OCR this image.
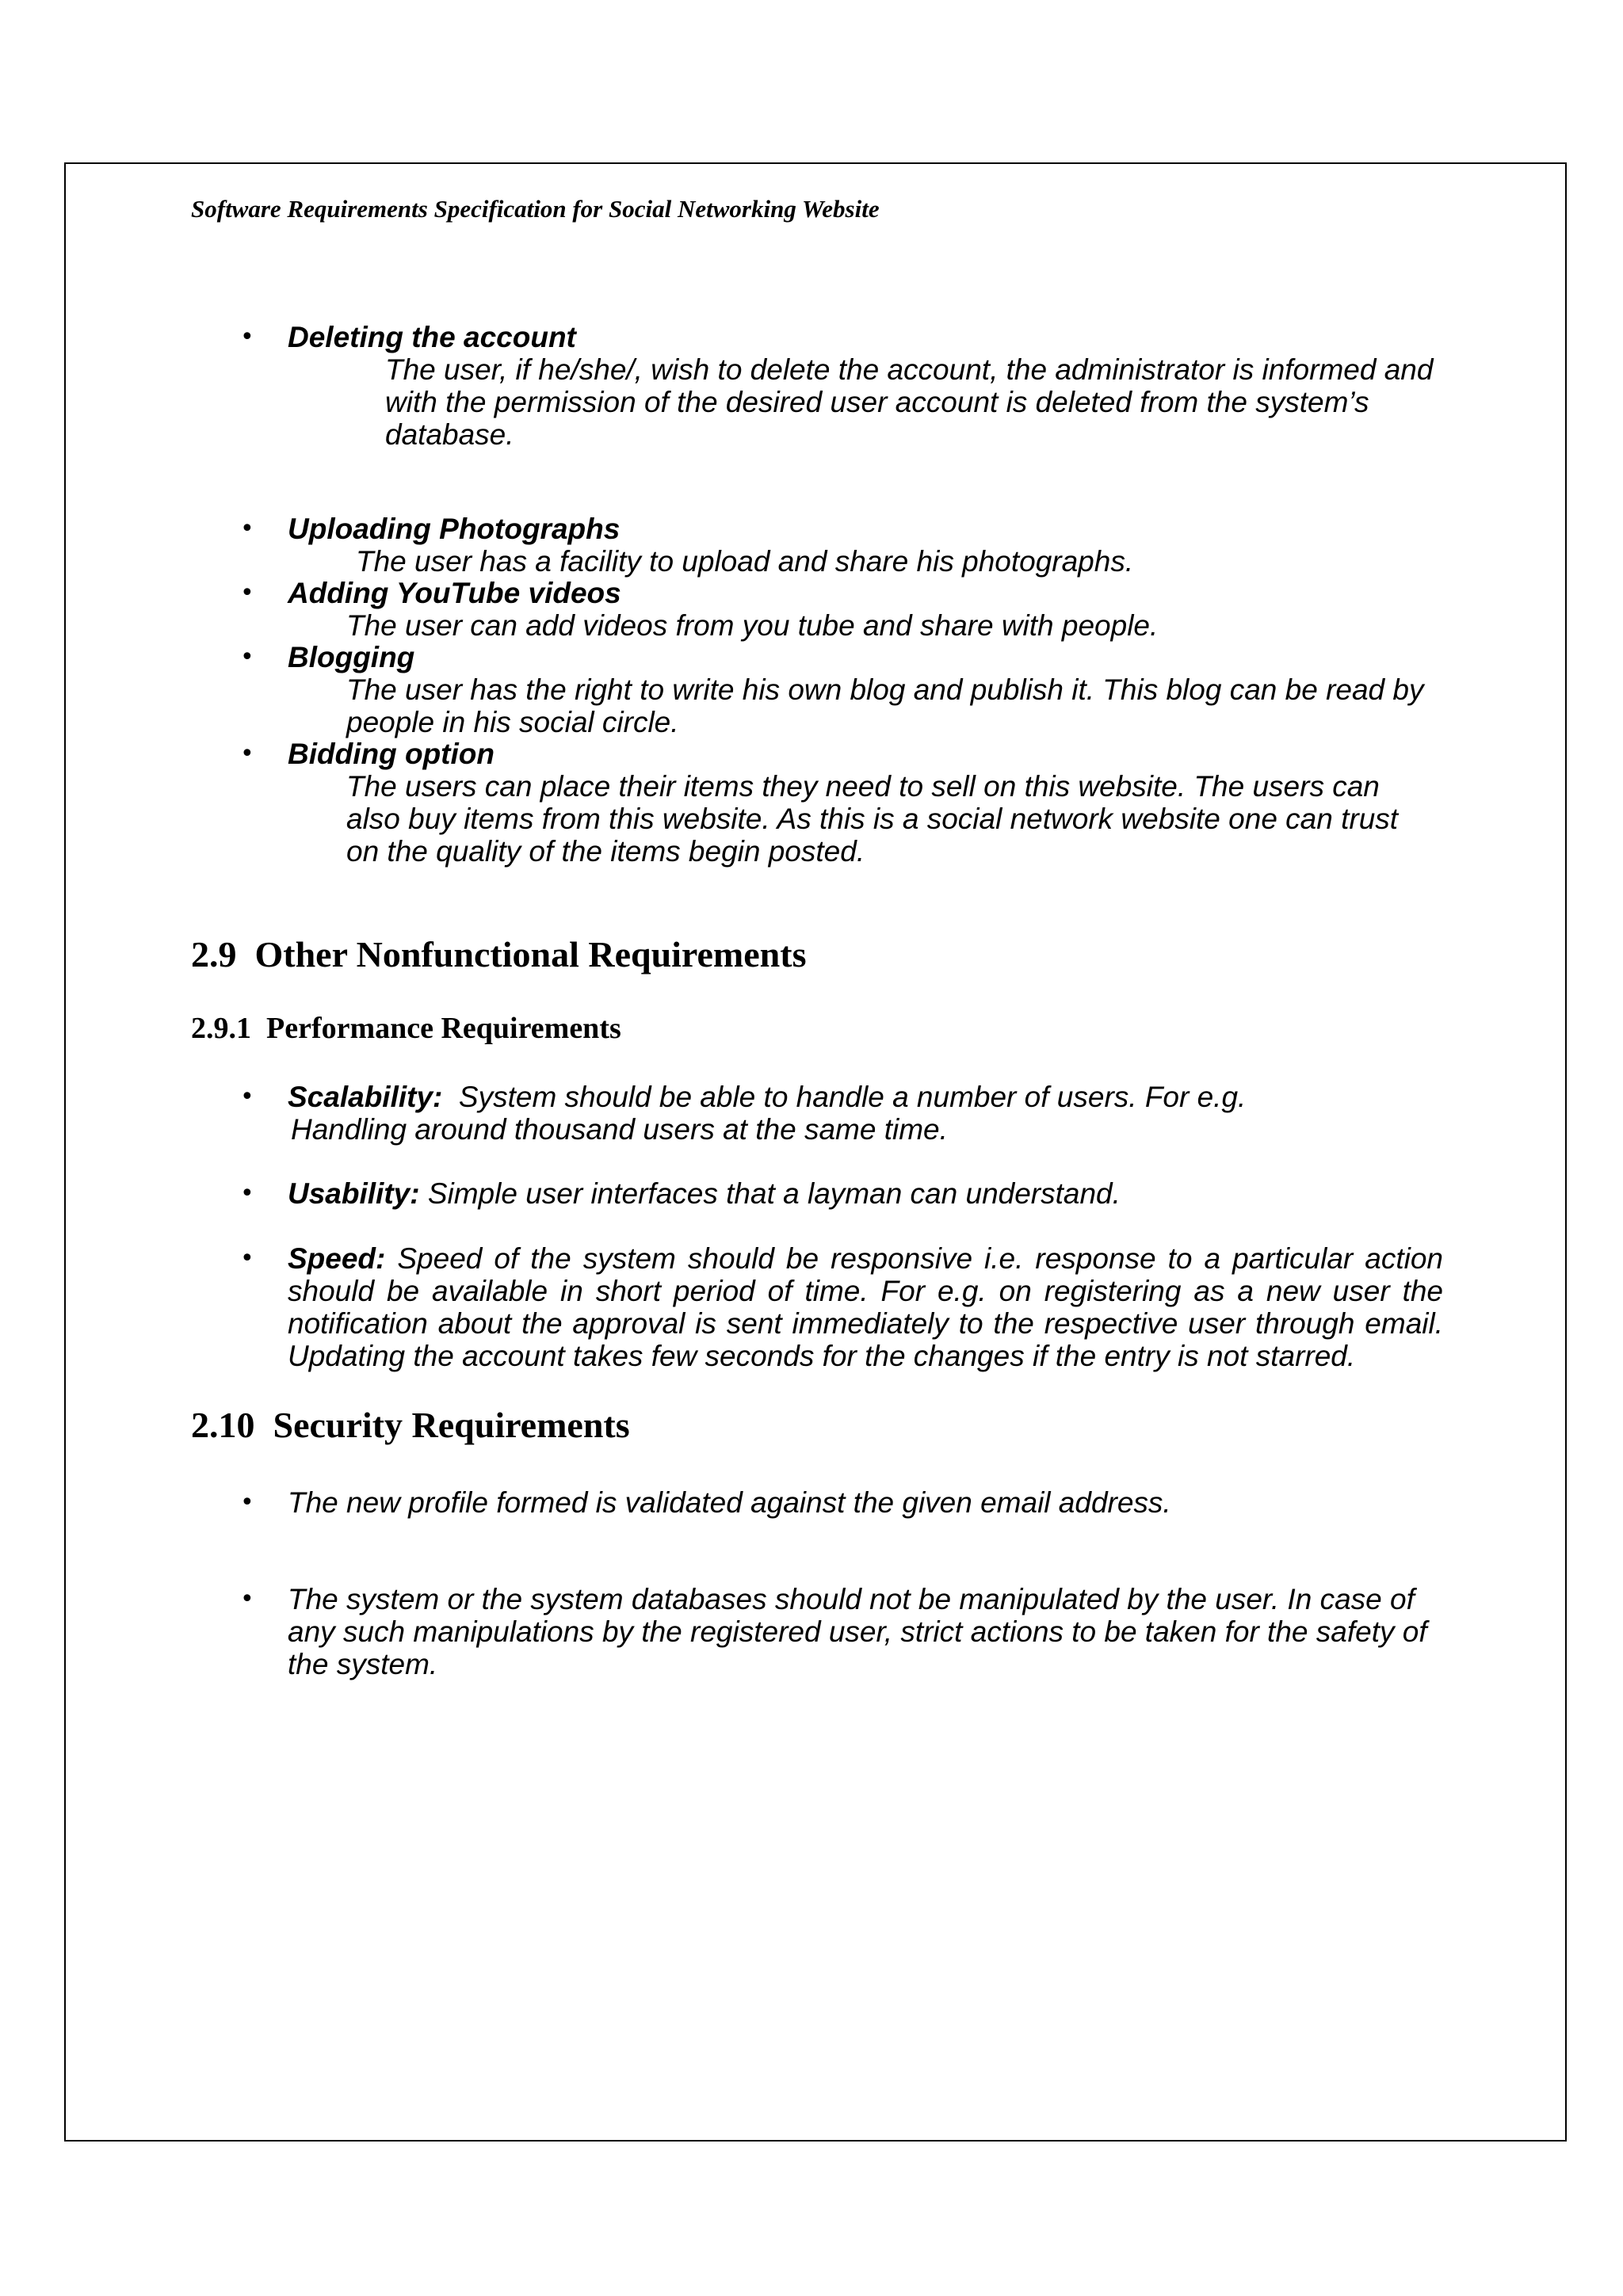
Software Requirements Specification for Social Networking Website
• Deleting the account
The user, if he/she/, wish to delete the account, the administrator is informed and
with the permission of the desired user account is deleted from the system’s
database.
• Uploading Photographs
The user has a facility to upload and share his photographs.
• Adding YouTube videos
The user can add videos from you tube and share with people.
• Blogging
The user has the right to write his own blog and publish it. This blog can be read by
people in his social circle.
• Bidding option
The users can place their items they need to sell on this website. The users can
also buy items from this website. As this is a social network website one can trust
on the quality of the items begin posted.
2.9 Other Nonfunctional Requirements
2.9.1 Performance Requirements
• Scalability: System should be able to handle a number of users. For e.g.
Handling around thousand users at the same time.
• Usability: Simple user interfaces that a layman can understand.
• Speed: Speed of the system should be responsive i.e. response to a particular action should be available in short period of time. For e.g. on registering as a new user the notification about the approval is sent immediately to the respective user through email. Updating the account takes few seconds for the changes if the entry is not starred.
2.10 Security Requirements
• The new profile formed is validated against the given email address.
• The system or the system databases should not be manipulated by the user. In case of any such manipulations by the registered user, strict actions to be taken for the safety of the system.
